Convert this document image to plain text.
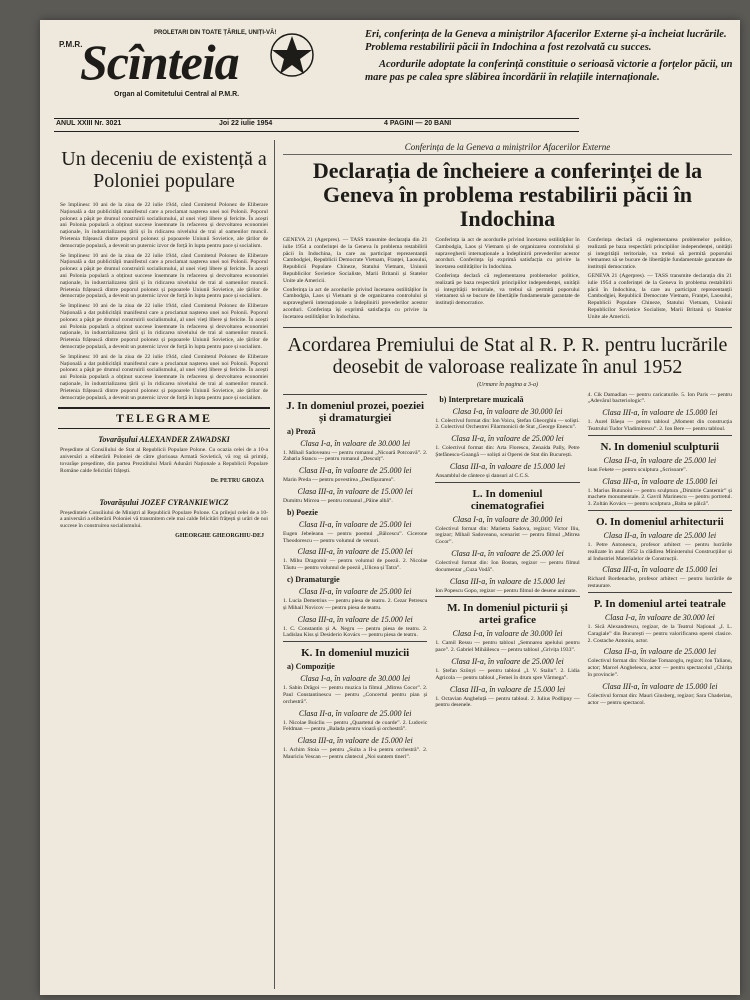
P.M.R.
PROLETARI DIN TOATE ȚĂRILE, UNIȚI-VĂ!
Scînteia
Organ al Comitetului Central al P.M.R.
ANUL XXIII Nr. 3021	Joi 22 iulie 1954	4 PAGINI — 20 BANI

Eri, conferința de la Geneva a miniștrilor Afacerilor Externe și-a încheiat lucrările. Problema restabilirii păcii în Indochina a fost rezolvată cu succes.

Acordurile adoptate la conferință constituie o serioasă victorie a forțelor păcii, un mare pas pe calea spre slăbirea încordării în relațiile internaționale.

Un deceniu de existență a Poloniei populare
Se împlinesc 10 ani de la ziua de 22 iulie 1944, când Comitetul Polonez de Eliberare Națională a dat publicității manifestul care a proclamat nașterea unei noi Polonii. Poporul polonez a pășit pe drumul construirii socialismului, al unei vieți libere și fericite. În acești ani Polonia populară a obținut succese însemnate în refacerea și dezvoltarea economiei naționale, în industrializarea țării și în ridicarea nivelului de trai al oamenilor muncii. Prietenia frățească dintre poporul polonez și popoarele Uniunii Sovietice, ale țărilor de democrație populară, a devenit un puternic izvor de forță în lupta pentru pace și socialism.
Se împlinesc 10 ani de la ziua de 22 iulie 1944, când Comitetul Polonez de Eliberare Națională a dat publicității manifestul care a proclamat nașterea unei noi Polonii. Poporul polonez a pășit pe drumul construirii socialismului, al unei vieți libere și fericite. În acești ani Polonia populară a obținut succese însemnate în refacerea și dezvoltarea economiei naționale, în industrializarea țării și în ridicarea nivelului de trai al oamenilor muncii. Prietenia frățească dintre poporul polonez și popoarele Uniunii Sovietice, ale țărilor de democrație populară, a devenit un puternic izvor de forță în lupta pentru pace și socialism.
Se împlinesc 10 ani de la ziua de 22 iulie 1944, când Comitetul Polonez de Eliberare Națională a dat publicității manifestul care a proclamat nașterea unei noi Polonii. Poporul polonez a pășit pe drumul construirii socialismului, al unei vieți libere și fericite. În acești ani Polonia populară a obținut succese însemnate în refacerea și dezvoltarea economiei naționale, în industrializarea țării și în ridicarea nivelului de trai al oamenilor muncii. Prietenia frățească dintre poporul polonez și popoarele Uniunii Sovietice, ale țărilor de democrație populară, a devenit un puternic izvor de forță în lupta pentru pace și socialism.
Se împlinesc 10 ani de la ziua de 22 iulie 1944, când Comitetul Polonez de Eliberare Națională a dat publicității manifestul care a proclamat nașterea unei noi Polonii. Poporul polonez a pășit pe drumul construirii socialismului, al unei vieți libere și fericite. În acești ani Polonia populară a obținut succese însemnate în refacerea și dezvoltarea economiei naționale, în industrializarea țării și în ridicarea nivelului de trai al oamenilor muncii. Prietenia frățească dintre poporul polonez și popoarele Uniunii Sovietice, ale țărilor de democrație populară, a devenit un puternic izvor de forță în lupta pentru pace și socialism.
TELEGRAME
Tovarășului ALEXANDER ZAWADSKI
Președinte al Consiliului de Stat al Republicii Populare Polone. Cu ocazia celei de a 10-a aniversări a eliberării Poloniei de către glorioasa Armată Sovietică, vă rog să primiți, tovarășe președinte, din partea Prezidiului Marii Adunări Naționale a Republicii Populare Române calde felicitări frățești.
Dr. PETRU GROZA
Tovarășului JOZEF CYRANKIEWICZ
Președintele Consiliului de Miniștri al Republicii Populare Polone. Cu prilejul celei de a 10-a aniversări a eliberării Poloniei vă transmitem cele mai calde felicitări frățești și urări de noi succese în construirea socialismului.
GHEORGHE GHEORGHIU-DEJ
Conferința de la Geneva a miniștrilor Afacerilor Externe
Declarația de încheiere a conferinței de la Geneva în problema restabilirii păcii în Indochina
GENEVA 21 (Agerpres). — TASS transmite declarația din 21 iulie 1954 a conferinței de la Geneva în problema restabilirii păcii în Indochina, la care au participat reprezentanții Cambodgiei, Republicii Democrate Vietnam, Franței, Laosului, Republicii Populare Chineze, Statului Vietnam, Uniunii Republicilor Sovietice Socialiste, Marii Britanii și Statelor Unite ale Americii.
Conferința ia act de acordurile privind încetarea ostilităților în Cambodgia, Laos și Vietnam și de organizarea controlului și supravegherii internaționale a îndeplinirii prevederilor acestor acorduri. Conferința își exprimă satisfacția cu privire la încetarea ostilităților în Indochina.
Conferința ia act de acordurile privind încetarea ostilităților în Cambodgia, Laos și Vietnam și de organizarea controlului și supravegherii internaționale a îndeplinirii prevederilor acestor acorduri. Conferința își exprimă satisfacția cu privire la încetarea ostilităților în Indochina.
Conferința declară că reglementarea problemelor politice, realizată pe baza respectării principiilor independenței, unității și integrității teritoriale, va trebui să permită poporului vietnamez să se bucure de libertățile fundamentale garantate de instituții democratice.
Conferința declară că reglementarea problemelor politice, realizată pe baza respectării principiilor independenței, unității și integrității teritoriale, va trebui să permită poporului vietnamez să se bucure de libertățile fundamentale garantate de instituții democratice.
GENEVA 21 (Agerpres). — TASS transmite declarația din 21 iulie 1954 a conferinței de la Geneva în problema restabilirii păcii în Indochina, la care au participat reprezentanții Cambodgiei, Republicii Democrate Vietnam, Franței, Laosului, Republicii Populare Chineze, Statului Vietnam, Uniunii Republicilor Sovietice Socialiste, Marii Britanii și Statelor Unite ale Americii.
Acordarea Premiului de Stat al R. P. R. pentru lucrările deosebit de valoroase realizate în anul 1952
(Urmare în pagina a 3-a)
J. In domeniul prozei, poeziei și dramaturgiei
a) Proză
Clasa I-a, în valoare de 30.000 lei
1. Mihail Sadoveanu — pentru romanul „Nicoară Potcoavă”. 2. Zaharia Stancu — pentru romanul „Desculț”.
Clasa II-a, în valoare de 25.000 lei
Marin Preda — pentru povestirea „Desfășurarea”.
Clasa III-a, în valoare de 15.000 lei
Dumitru Mircea — pentru romanul „Pâine albă”.
b) Poezie
Clasa II-a, în valoare de 25.000 lei
Eugen Jebeleanu — pentru poemul „Bălcescu”. Cicerone Theodorescu — pentru volumul de versuri.
Clasa III-a, în valoare de 15.000 lei
1. Mihu Dragomir — pentru volumul de poezii. 2. Nicolae Tăutu — pentru volumul de poezii „Ulicea și Tatra”.
c) Dramaturgie
Clasa II-a, în valoare de 25.000 lei
1. Lucia Demetrius — pentru piesa de teatru. 2. Cezar Petrescu și Mihail Novicov — pentru piesa de teatru.
Clasa III-a, în valoare de 15.000 lei
1. C. Constantin și A. Negru — pentru piesa de teatru. 2. Ladislau Kiss și Desiderio Kovács — pentru piesa de teatru.
K. In domeniul muzicii
a) Compoziție
Clasa I-a, în valoare de 30.000 lei
1. Sabin Drăgoi — pentru muzica la filmul „Mitrea Cocor”. 2. Paul Constantinescu — pentru „Concertul pentru pian și orchestră”.
Clasa II-a, în valoare de 25.000 lei
1. Nicolae Buicliu — pentru „Quartetul de coarde”. 2. Ludovic Feldman — pentru „Balada pentru vioară și orchestră”.
Clasa III-a, în valoare de 15.000 lei
1. Achim Stoia — pentru „Suita a II-a pentru orchestră”. 2. Mauriciu Vescan — pentru cântecul „Noi suntem tineri”.
b) Interpretare muzicală
Clasa I-a, în valoare de 30.000 lei
1. Colectivul format din: Ion Voicu, Ștefan Gheorghiu — soliști. 2. Colectivul Orchestrei Filarmonicii de Stat „George Enescu”.
Clasa II-a, în valoare de 25.000 lei
1. Colectivul format din: Arta Florescu, Zenaida Pally, Petre Ștefănescu-Goangă — soliști ai Operei de Stat din București.
Clasa III-a, în valoare de 15.000 lei
Ansamblul de cântece și dansuri al C.C.S.
L. In domeniul cinematografiei
Clasa I-a, în valoare de 30.000 lei
Colectivul format din: Marietta Sadova, regizor; Victor Iliu, regizor; Mihail Sadoveanu, scenarist — pentru filmul „Mitrea Cocor”.
Clasa II-a, în valoare de 25.000 lei
Colectivul format din: Ion Bostan, regizor — pentru filmul documentar „Cuza Vodă”.
Clasa III-a, în valoare de 15.000 lei
Ion Popescu Gopo, regizor — pentru filmul de desene animate.
M. In domeniul picturii și artei grafice
Clasa I-a, în valoare de 30.000 lei
1. Camil Ressu — pentru tabloul „Semnarea apelului pentru pace”. 2. Gabriel Mihăilescu — pentru tabloul „Grivița 1933”.
Clasa II-a, în valoare de 25.000 lei
1. Ștefan Szönyi — pentru tabloul „I. V. Stalin”. 2. Lidia Agricola — pentru tabloul „Femei în drum spre Vărmega”.
Clasa III-a, în valoare de 15.000 lei
1. Octavian Angheluță — pentru tabloul. 2. Julius Podlipny — pentru desenele.
4. Cik Damadian — pentru caricaturile. 5. Ion Paris — pentru „Adevărul bacteriologic”.
Clasa III-a, în valoare de 15.000 lei
1. Aurel Băeșu — pentru tabloul „Moment din construcția Teatrului Tudor Vladimirescu”. 2. Ion Bere — pentru tabloul.
N. In domeniul sculpturii
Clasa II-a, în valoare de 25.000 lei
Ioan Fekete — pentru sculptura „Scrisoare”.
Clasa III-a, în valoare de 15.000 lei
1. Marius Butunoiu — pentru sculptura „Dimitrie Cantemir” și machete monumentale. 2. Gavril Marinescu — pentru portretul. 3. Zoltán Kovács — pentru sculptura „Balta se pâlcă”.
O. In domeniul arhitecturii
Clasa II-a, în valoare de 25.000 lei
1. Petre Antonescu, profesor arhitect — pentru lucrările realizate în anul 1952 la clădirea Ministerului Construcțiilor și al Industriei Materialelor de Construcții.
Clasa III-a, în valoare de 15.000 lei
Richard Bordenache, profesor arhitect — pentru lucrările de restaurare.
P. In domeniul artei teatrale
Clasa I-a, în valoare de 30.000 lei
1. Sică Alexandrescu, regizor, de la Teatrul Național „I. L. Caragiale” din București — pentru valorificarea operei clasice. 2. Costache Antoniu, actor.
Clasa II-a, în valoare de 25.000 lei
Colectivul format din: Nicolae Tomazoglu, regizor; Ion Talianu, actor; Marcel Anghelescu, actor — pentru spectacolul „Chirița în provincie”.
Clasa III-a, în valoare de 15.000 lei
Colectivul format din: Mauri Ginsberg, regizor; Sara Chaderian, actor — pentru spectacol.
